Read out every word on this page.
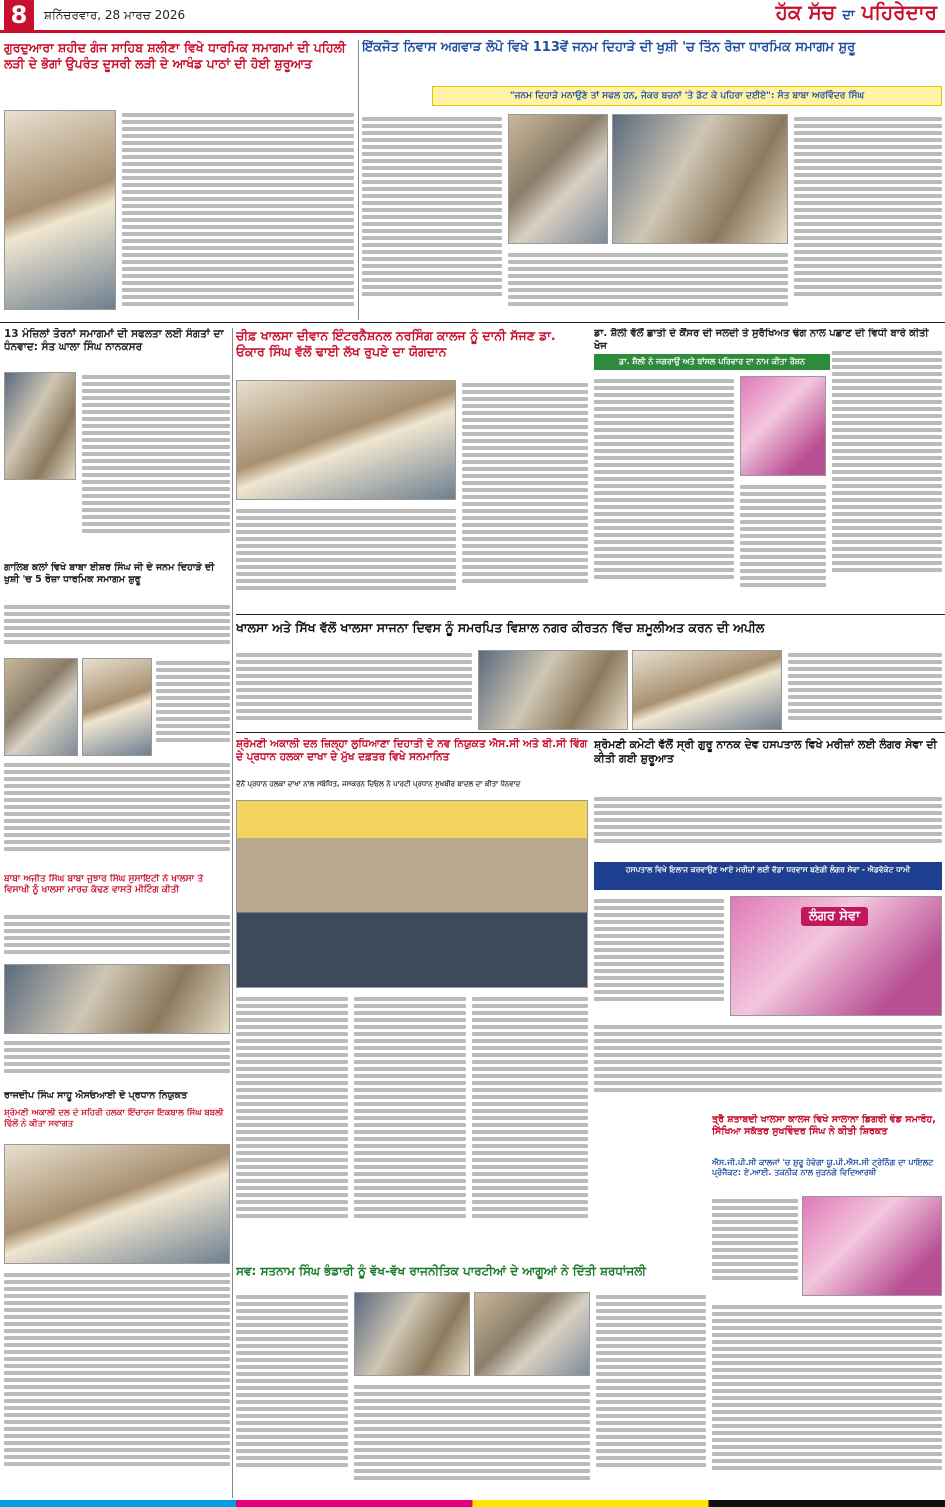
8	ਸ਼ਨਿੱਚਰਵਾਰ, 28 ਮਾਰਚ 2026	ਹੱਕ ਸੱਚ ਦਾ ਪਹਿਰੇਦਾਰ
ਗੁਰਦੁਆਰਾ ਸ਼ਹੀਦ ਗੰਜ ਸਾਹਿਬ ਸ਼ਲੀਣਾ ਵਿਖੇ ਧਾਰਮਿਕ ਸਮਾਗਮਾਂ ਦੀ ਪਹਿਲੀ ਲੜੀ ਦੇ ਭੋਗਾਂ ਉਪਰੰਤ ਦੂਸਰੀ ਲੜੀ ਦੇ ਆਖੰਡ ਪਾਠਾਂ ਦੀ ਹੋਈ ਸ਼ੁਰੂਆਤ
ਇੱਕਜੋਤ ਨਿਵਾਸ ਅਗਵਾੜ ਲੋਪੋ ਵਿਖੇ 113ਵੇਂ ਜਨਮ ਦਿਹਾੜੇ ਦੀ ਖੁਸ਼ੀ 'ਚ ਤਿੰਨ ਰੋਜ਼ਾ ਧਾਰਮਿਕ ਸਮਾਗਮ ਸ਼ੁਰੂ
"ਜਨਮ ਦਿਹਾੜੇ ਮਨਾਉਣੇ ਤਾਂ ਸਫਲ ਹਨ, ਜੇਕਰ ਬਚਨਾਂ 'ਤੇ ਡੱਟ ਕੇ ਪਹਿਰਾ ਦਈਏ": ਸੰਤ ਬਾਬਾ ਅਰਵਿੰਦਰ ਸਿੰਘ
13 ਮੰਜ਼ਿਲਾਂ ਤੋਰਨਾਂ ਸਮਾਗਮਾਂ ਦੀ ਸਫਲਤਾ ਲਈ ਸੰਗਤਾਂ ਦਾ ਧੰਨਵਾਦ: ਸੰਤ ਘਾਲਾ ਸਿੰਘ ਨਾਨਕਸਰ
ਚੀਫ਼ ਖਾਲਸਾ ਦੀਵਾਨ ਇੰਟਰਨੈਸ਼ਨਲ ਨਰਸਿੰਗ ਕਾਲਜ ਨੂੰ ਦਾਨੀ ਸੱਜਣ ਡਾ. ਓਂਕਾਰ ਸਿੰਘ ਵੱਲੋਂ ਢਾਈ ਲੱਖ ਰੁਪਏ ਦਾ ਯੋਗਦਾਨ
ਡਾ. ਸ਼ੈਲੀ ਵੱਲੋਂ ਛਾਤੀ ਦੇ ਕੈਂਸਰ ਦੀ ਜਲਦੀ ਤੇ ਸੁਰੱਖਿਅਤ ਢੰਗ ਨਾਲ ਪਛਾਣ ਦੀ ਵਿਧੀ ਬਾਰੇ ਕੀਤੀ ਖੋਜ
ਡਾ. ਸ਼ੈਲੀ ਨੇ ਜਗਰਾਉਂ ਅਤੇ ਬਾਂਸਲ ਪਰਿਵਾਰ ਦਾ ਨਾਮ ਕੀਤਾ ਰੌਸ਼ਨ
ਗਾਲਿਬ ਕਲਾਂ ਵਿਖੇ ਬਾਬਾ ਈਸ਼ਰ ਸਿੰਘ ਜੀ ਦੇ ਜਨਮ ਦਿਹਾੜੇ ਦੀ ਖੁਸ਼ੀ 'ਚ 5 ਰੋਜ਼ਾ ਧਾਰਮਿਕ ਸਮਾਗਮ ਸ਼ੁਰੂ
ਖਾਲਸਾ ਅਤੇ ਸਿੱਖ ਵੱਲੋਂ ਖਾਲਸਾ ਸਾਜਨਾ ਦਿਵਸ ਨੂੰ ਸਮਰਪਿਤ ਵਿਸ਼ਾਲ ਨਗਰ ਕੀਰਤਨ ਵਿੱਚ ਸ਼ਮੂਲੀਅਤ ਕਰਨ ਦੀ ਅਪੀਲ
ਸ਼੍ਰੋਮਣੀ ਅਕਾਲੀ ਦਲ ਜ਼ਿਲ੍ਹਾ ਲੁਧਿਆਣਾ ਦਿਹਾਤੀ ਦੇ ਨਵ ਨਿਯੁਕਤ ਐਸ.ਸੀ ਅਤੇ ਬੀ.ਸੀ ਵਿੰਗ ਦੇ ਪ੍ਰਧਾਨ ਹਲਕਾ ਦਾਖਾ ਦੇ ਮੁੱਖ ਦਫ਼ਤਰ ਵਿਖੇ ਸਨਮਾਨਿਤ
ਦੋਨੋਂ ਪ੍ਰਧਾਨ ਹਲਕਾ ਦਾਖਾ ਨਾਲ ਸਬੰਧਿਤ, ਜਸਕਰਨ ਦਿਓਲ ਨੇ ਪਾਰਟੀ ਪ੍ਰਧਾਨ ਸੁਖਬੀਰ ਬਾਦਲ ਦਾ ਕੀਤਾ ਧੰਨਵਾਦ
ਸ਼੍ਰੋਮਣੀ ਕਮੇਟੀ ਵੱਲੋਂ ਸ੍ਰੀ ਗੁਰੂ ਨਾਨਕ ਦੇਵ ਹਸਪਤਾਲ ਵਿਖੇ ਮਰੀਜ਼ਾਂ ਲਈ ਲੰਗਰ ਸੇਵਾ ਦੀ ਕੀਤੀ ਗਈ ਸ਼ੁਰੂਆਤ
ਹਸਪਤਾਲ ਵਿਖੇ ਇਲਾਜ ਕਰਵਾਉਣ ਆਏ ਮਰੀਜ਼ਾਂ ਲਈ ਵੱਡਾ ਧਰਵਾਸ ਬਣੇਗੀ ਲੰਗਰ ਸੇਵਾ - ਐਡਵੋਕੇਟ ਧਾਮੀ
ਲੰਗਰ ਸੇਵਾ
ਬਾਬਾ ਅਜੀਤ ਸਿੰਘ ਬਾਬਾ ਜੁਝਾਰ ਸਿੰਘ ਸੁਸਾਇਟੀ ਨੇ ਖਾਲਸਾ ਤੇ ਵਿਸਾਖੀ ਨੂੰ ਖਾਲਸਾ ਮਾਰਚ ਕੱਢਣ ਵਾਸਤੇ ਮੀਟਿੰਗ ਕੀਤੀ
ਰਾਜਦੀਪ ਸਿੰਘ ਸਾਹੂ ਐਸਓਆਈ ਦੇ ਪ੍ਰਧਾਨ ਨਿਯੁਕਤ
ਸ਼੍ਰੋਮਣੀ ਅਕਾਲੀ ਦਲ ਦੇ ਸ਼ਹਿਰੀ ਹਲਕਾ ਇੰਚਾਰਜ ਇਕਬਾਲ ਸਿੰਘ ਬਬਲੀ ਢਿੱਲੋਂ ਨੇ ਕੀਤਾ ਸਵਾਗਤ
ਸਵ: ਸਤਨਾਮ ਸਿੰਘ ਭੰਡਾਰੀ ਨੂੰ ਵੱਖ-ਵੱਖ ਰਾਜਨੀਤਿਕ ਪਾਰਟੀਆਂ ਦੇ ਆਗੂਆਂ ਨੇ ਦਿੱਤੀ ਸ਼ਰਧਾਂਜਲੀ
ਤ੍ਰੈ ਸ਼ਤਾਬਦੀ ਖਾਲਸਾ ਕਾਲਜ ਵਿਖੇ ਸਾਲਾਨਾ ਡਿਗਰੀ ਵੰਡ ਸਮਾਰੋਹ, ਸਿੱਖਿਆ ਸਕੱਤਰ ਸੁਖਵਿੰਦਰ ਸਿੰਘ ਨੇ ਕੀਤੀ ਸ਼ਿਰਕਤ
ਐਸ.ਜੀ.ਪੀ.ਸੀ ਕਾਲਜਾਂ 'ਚ ਸ਼ੁਰੂ ਹੋਵੇਗਾ ਯੂ.ਪੀ.ਐਸ.ਸੀ ਟ੍ਰੇਨਿੰਗ ਦਾ ਪਾਇਲਟ ਪ੍ਰੋਜੈਕਟ: ਏ.ਆਈ. ਤਕਨੀਕ ਨਾਲ ਜੁੜਨਗੇ ਵਿਦਿਆਰਥੀ
